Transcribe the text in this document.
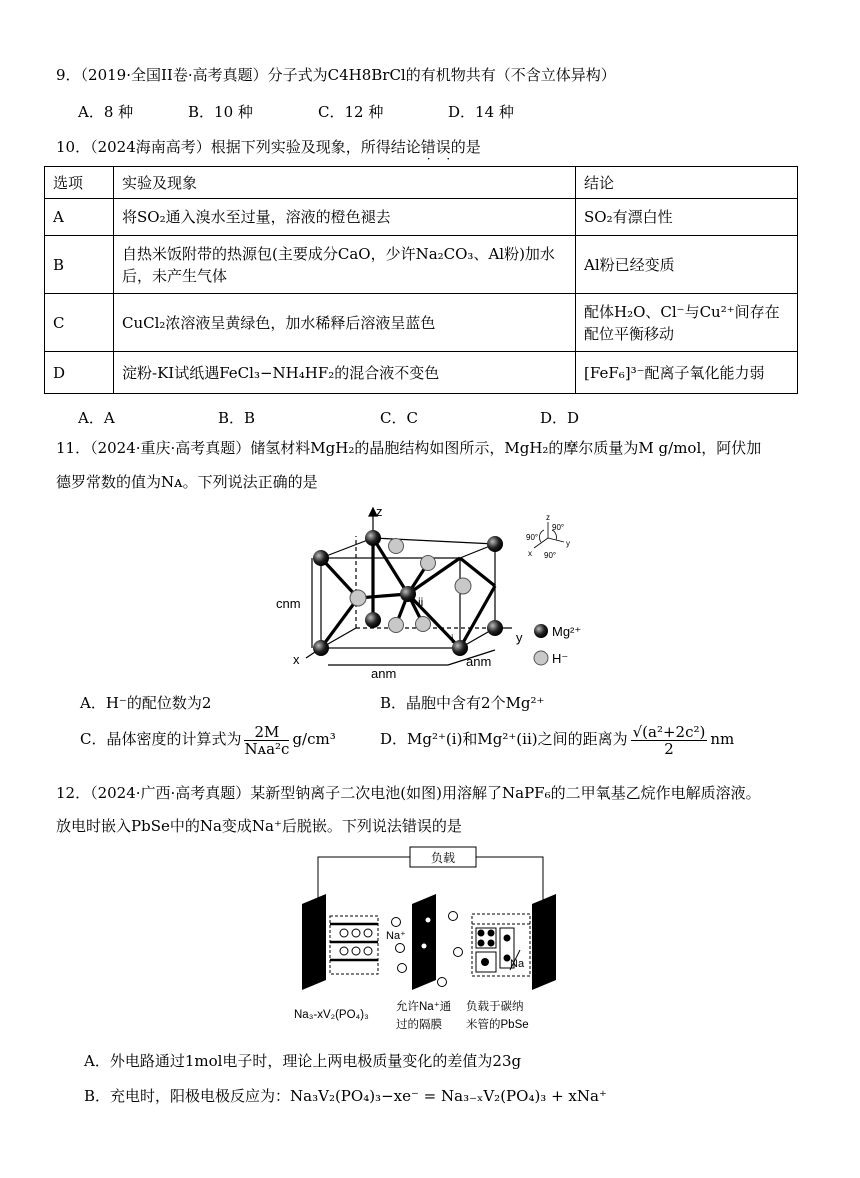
9．（2019·全国II卷·高考真题）分子式为C4H8BrCl的有机物共有（不含立体异构）
A．8 种	B．10 种	C．12 种	D．14 种
10．（2024海南高考）根据下列实验及现象，所得结论错误 · ·的是
选项	实验及现象	结论
A	将SO₂通入溴水至过量，溶液的橙色褪去	SO₂有漂白性
B	自热米饭附带的热源包(主要成分CaO，少许Na₂CO₃、Al粉)加水后，未产生气体	Al粉已经变质
C	CuCl₂浓溶液呈黄绿色，加水稀释后溶液呈蓝色	配体H₂O、Cl⁻与Cu²⁺间存在配位平衡移动
D	淀粉-KI试纸遇FeCl₃−NH₄HF₂的混合液不变色	[FeF₆]³⁻配离子氧化能力弱
A．A	B．B	C．C	D．D
11．（2024·重庆·高考真题）储氢材料MgH₂的晶胞结构如图所示，MgH₂的摩尔质量为M g/mol，阿伏加
德罗常数的值为Nᴀ。下列说法正确的是
z
x
y
cnm
anm
anm
i
ii
Mg²⁺
H⁻
z
y
x
90°
90°
90°
A．H⁻的配位数为2	B．晶胞中含有2个Mg²⁺
C．晶体密度的计算式为 $\frac{2M}{\text{Nᴀa²c}} g/cm^3$	D．Mg²⁺(i)和Mg²⁺(ii)之间的距离为 $\frac{\text{√(a²+2c²)}}{2}$ nm
12．（2024·广西·高考真题）某新型钠离子二次电池(如图)用溶解了NaPF₆的二甲氧基乙烷作电解质溶液。
放电时嵌入PbSe中的Na变成Na⁺后脱嵌。下列说法错误的是
负载
Na⁺
Na
Na₃-xV₂(PO₄)₃
允许Na⁺通
过的隔膜
负载于碳纳
米管的PbSe
A．外电路通过1mol电子时，理论上两电极质量变化的差值为23g
B．充电时，阳极电极反应为：Na₃V₂(PO₄)₃−xe⁻ = Na₃₋ₓV₂(PO₄)₃ + xNa⁺
